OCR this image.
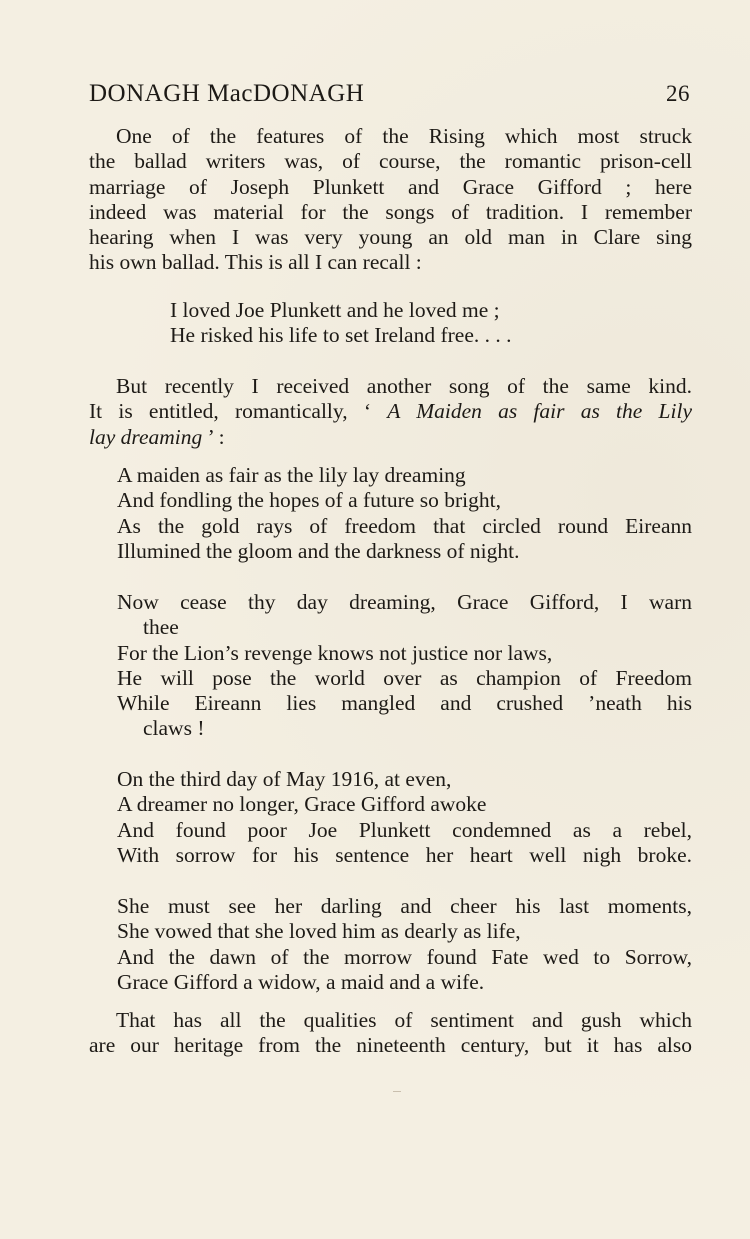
DONAGH MacDONAGH	26

One of the features of the Rising which most struck
the ballad writers was, of course, the romantic prison-cell
marriage of Joseph Plunkett and Grace Gifford ; here
indeed was material for the songs of tradition. I remember
hearing when I was very young an old man in Clare sing
his own ballad. This is all I can recall :

I loved Joe Plunkett and he loved me ;
He risked his life to set Ireland free. . . .

But recently I received another song of the same kind.
It is entitled, romantically, ‘ A Maiden as fair as the Lily
lay dreaming ’ :

A maiden as fair as the lily lay dreaming
And fondling the hopes of a future so bright,
As the gold rays of freedom that circled round Eireann
Illumined the gloom and the darkness of night.
Now cease thy day dreaming, Grace Gifford, I warn
thee
For the Lion’s revenge knows not justice nor laws,
He will pose the world over as champion of Freedom
While Eireann lies mangled and crushed ’neath his
claws !
On the third day of May 1916, at even,
A dreamer no longer, Grace Gifford awoke
And found poor Joe Plunkett condemned as a rebel,
With sorrow for his sentence her heart well nigh broke.
She must see her darling and cheer his last moments,
She vowed that she loved him as dearly as life,
And the dawn of the morrow found Fate wed to Sorrow,
Grace Gifford a widow, a maid and a wife.

That has all the qualities of sentiment and gush which
are our heritage from the nineteenth century, but it has also
